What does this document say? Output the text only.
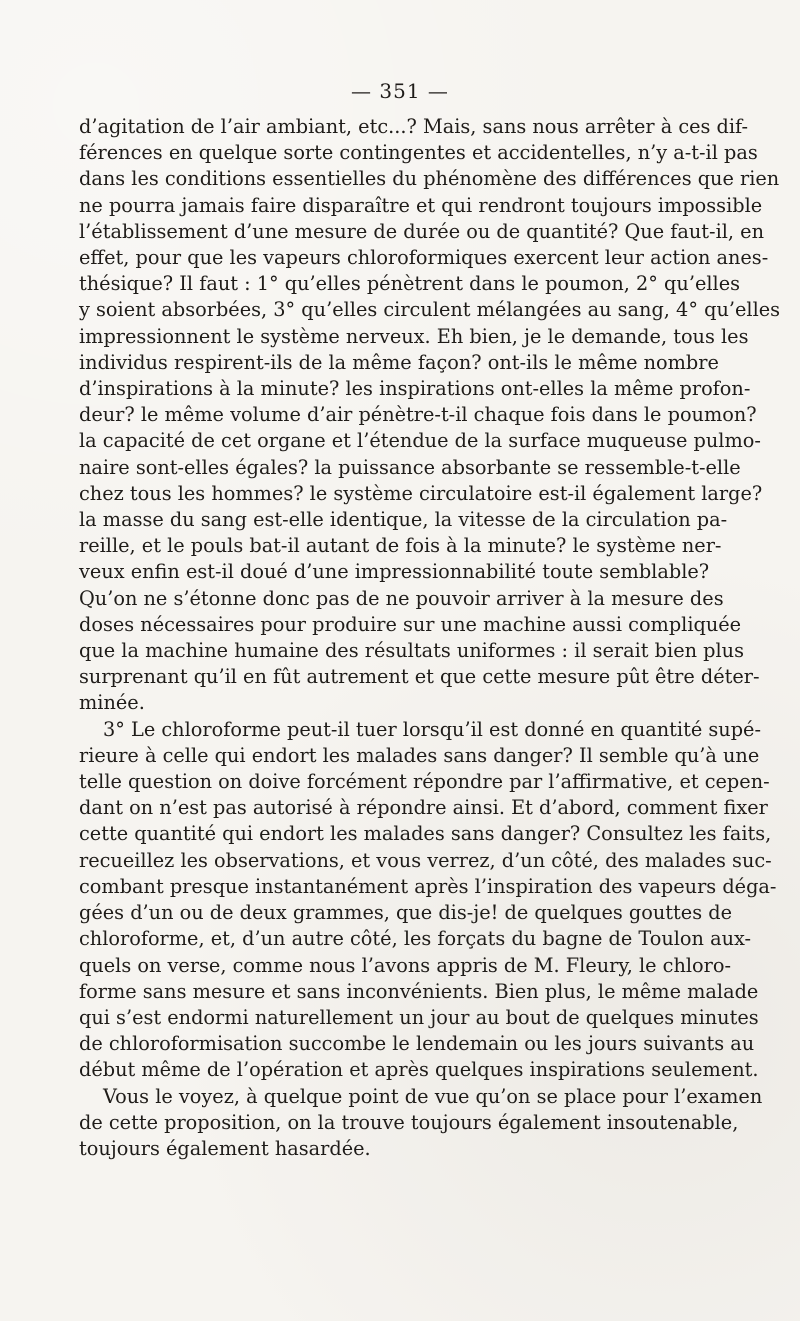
— 351 —
d’agitation de l’air ambiant, etc...? Mais, sans nous arrêter à ces dif-
férences en quelque sorte contingentes et accidentelles, n’y a-t-il pas
dans les conditions essentielles du phénomène des différences que rien
ne pourra jamais faire disparaître et qui rendront toujours impossible
l’établissement d’une mesure de durée ou de quantité? Que faut-il, en
effet, pour que les vapeurs chloroformiques exercent leur action anes-
thésique? Il faut : 1° qu’elles pénètrent dans le poumon, 2° qu’elles
y soient absorbées, 3° qu’elles circulent mélangées au sang, 4° qu’elles
impressionnent le système nerveux. Eh bien, je le demande, tous les
individus respirent-ils de la même façon? ont-ils le même nombre
d’inspirations à la minute? les inspirations ont-elles la même profon-
deur? le même volume d’air pénètre-t-il chaque fois dans le poumon?
la capacité de cet organe et l’étendue de la surface muqueuse pulmo-
naire sont-elles égales? la puissance absorbante se ressemble-t-elle
chez tous les hommes? le système circulatoire est-il également large?
la masse du sang est-elle identique, la vitesse de la circulation pa-
reille, et le pouls bat-il autant de fois à la minute? le système ner-
veux enfin est-il doué d’une impressionnabilité toute semblable?
Qu’on ne s’étonne donc pas de ne pouvoir arriver à la mesure des
doses nécessaires pour produire sur une machine aussi compliquée
que la machine humaine des résultats uniformes : il serait bien plus
surprenant qu’il en fût autrement et que cette mesure pût être déter-
minée.
3° Le chloroforme peut-il tuer lorsqu’il est donné en quantité supé-
rieure à celle qui endort les malades sans danger? Il semble qu’à une
telle question on doive forcément répondre par l’affirmative, et cepen-
dant on n’est pas autorisé à répondre ainsi. Et d’abord, comment fixer
cette quantité qui endort les malades sans danger? Consultez les faits,
recueillez les observations, et vous verrez, d’un côté, des malades suc-
combant presque instantanément après l’inspiration des vapeurs déga-
gées d’un ou de deux grammes, que dis-je! de quelques gouttes de
chloroforme, et, d’un autre côté, les forçats du bagne de Toulon aux-
quels on verse, comme nous l’avons appris de M. Fleury, le chloro-
forme sans mesure et sans inconvénients. Bien plus, le même malade
qui s’est endormi naturellement un jour au bout de quelques minutes
de chloroformisation succombe le lendemain ou les jours suivants au
début même de l’opération et après quelques inspirations seulement.
Vous le voyez, à quelque point de vue qu’on se place pour l’examen
de cette proposition, on la trouve toujours également insoutenable,
toujours également hasardée.
